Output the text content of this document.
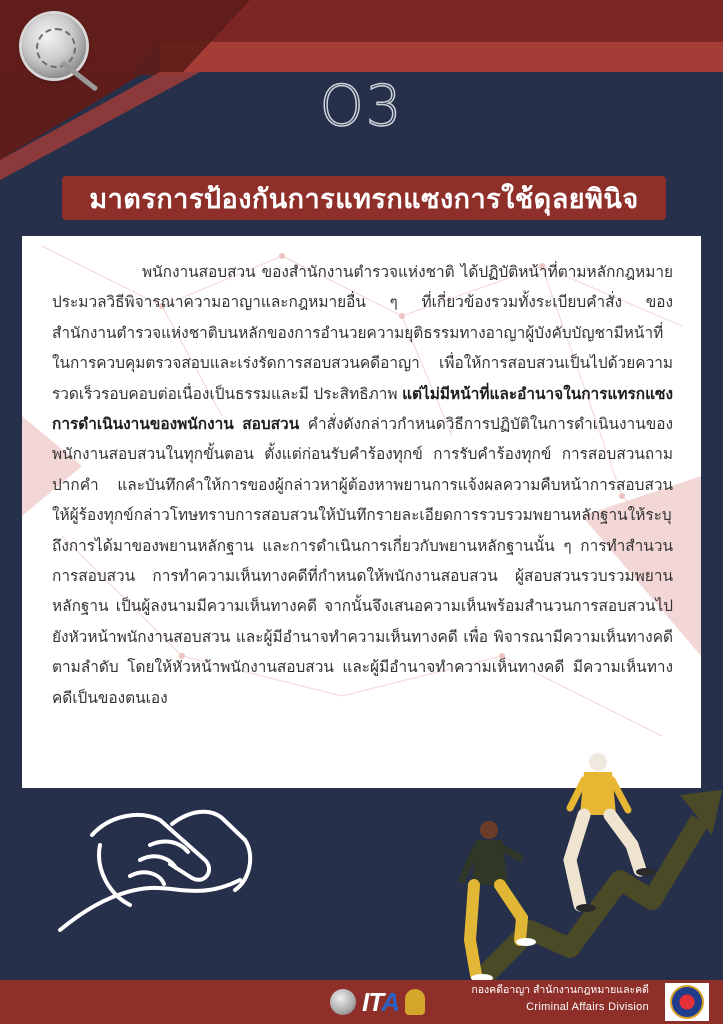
O3
มาตรการป้องกันการแทรกแซงการใช้ดุลยพินิจ
พนักงานสอบสวน ของสำนักงานตำรวจแห่งชาติ ได้ปฏิบัติหน้าที่ตามหลักกฎหมายประมวลวิธีพิจารณาความอาญาและกฎหมายอื่น ๆ ที่เกี่ยวข้องรวมทั้งระเบียบคำสั่ง ของสำนักงานตำรวจแห่งชาติบนหลักของการอำนวยความยุติธรรมทางอาญาผู้บังคับบัญชามีหน้าที่ในการควบคุมตรวจสอบและเร่งรัดการสอบสวนคดีอาญา เพื่อให้การสอบสวนเป็นไปด้วยความรวดเร็วรอบคอบต่อเนื่องเป็นธรรมและมี ประสิทธิภาพ แต่ไม่มีหน้าที่และอำนาจในการแทรกแซงการดำเนินงานของพนักงาน สอบสวน คำสั่งดังกล่าวกำหนดวิธีการปฏิบัติในการดำเนินงานของพนักงานสอบสวนในทุกขั้นตอน ตั้งแต่ก่อนรับคำร้องทุกข์ การรับคำร้องทุกข์ การสอบสวนถามปากคำ และบันทึกคำให้การของผู้กล่าวหาผู้ต้องหาพยานการแจ้งผลความคืบหน้าการสอบสวนให้ผู้ร้องทุกข์กล่าวโทษทราบการสอบสวนให้บันทึกรายละเอียดการรวบรวมพยานหลักฐานให้ระบุถึงการได้มาของพยานหลักฐาน และการดำเนินการเกี่ยวกับพยานหลักฐานนั้น ๆ การทำสำนวนการสอบสวน การทำความเห็นทางคดีที่กำหนดให้พนักงานสอบสวน ผู้สอบสวนรวบรวมพยานหลักฐาน เป็นผู้ลงนามมีความเห็นทางคดี จากนั้นจึงเสนอความเห็นพร้อมสำนวนการสอบสวนไปยังหัวหน้าพนักงานสอบสวน และผู้มีอำนาจทำความเห็นทางคดี เพื่อ พิจารณามีความเห็นทางคดีตามลำดับ โดยให้หัวหน้าพนักงานสอบสวน และผู้มีอำนาจทำความเห็นทางคดี มีความเห็นทางคดีเป็นของตนเอง
ITA	กองคดีอาญา สำนักงานกฎหมายและคดี
Criminal Affairs Division
